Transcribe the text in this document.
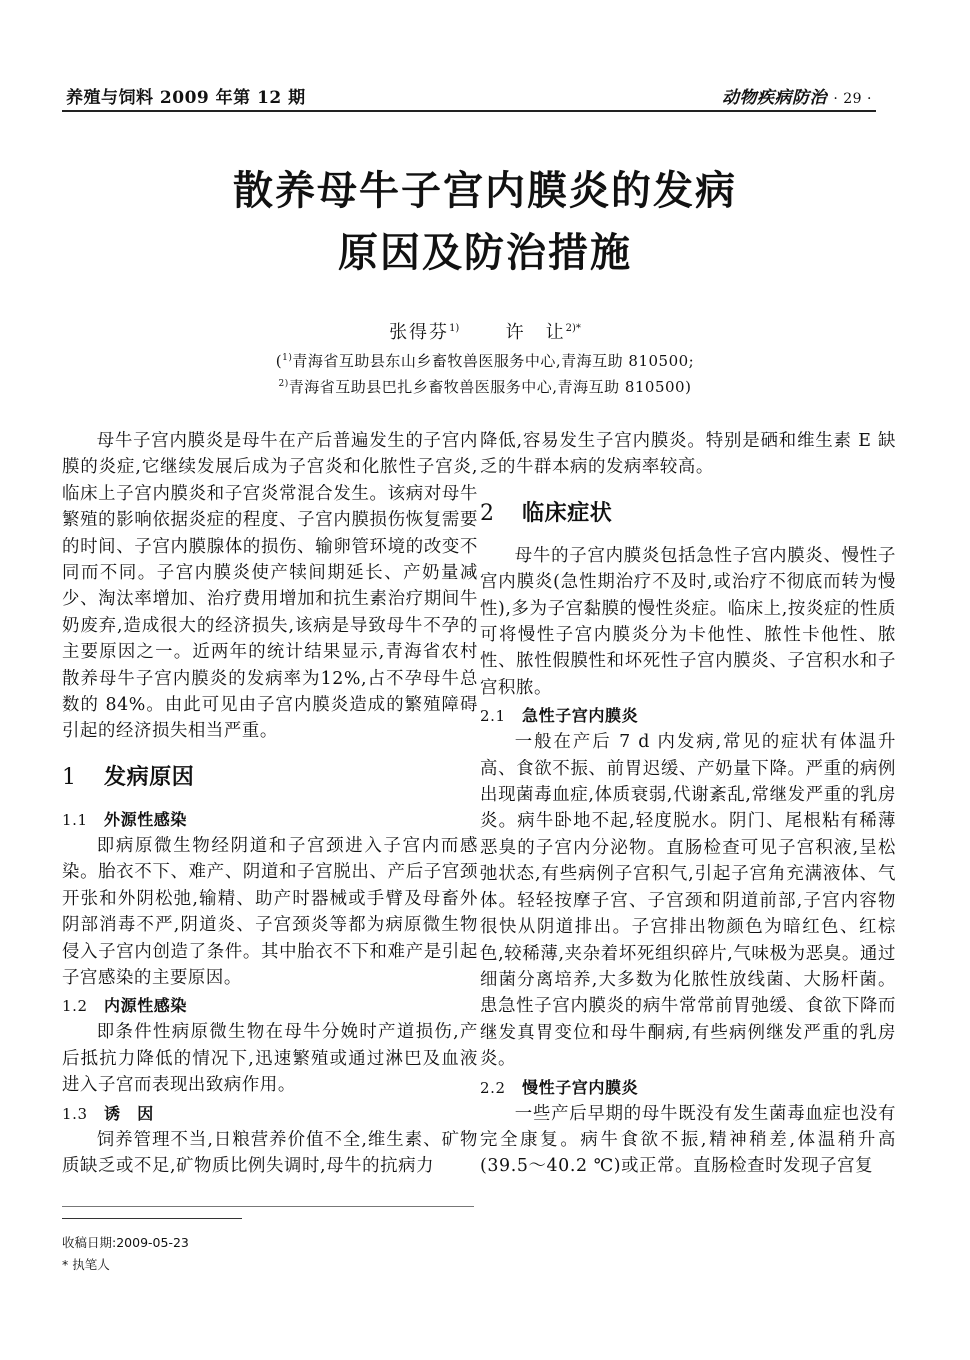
养殖与饲料 2009 年第 12 期	动物疾病防治 · 29 ·
散养母牛子宫内膜炎的发病
原因及防治措施
张得芬$^{1)}$	许　让$^{2)*}$
($^{1)}$青海省互助县东山乡畜牧兽医服务中心,青海互助 810500;
$^{2)}$青海省互助县巴扎乡畜牧兽医服务中心,青海互助 810500)

母牛子宫内膜炎是母牛在产后普遍发生的子宫内膜的炎症,它继续发展后成为子宫炎和化脓性子宫炎,临床上子宫内膜炎和子宫炎常混合发生。该病对母牛繁殖的影响依据炎症的程度、子宫内膜损伤恢复需要的时间、子宫内膜腺体的损伤、输卵管环境的改变不同而不同。子宫内膜炎使产犊间期延长、产奶量减少、淘汰率增加、治疗费用增加和抗生素治疗期间牛奶废弃,造成很大的经济损失,该病是导致母牛不孕的主要原因之一。近两年的统计结果显示,青海省农村散养母牛子宫内膜炎的发病率为12%,占不孕母牛总数的 84%。由此可见由子宫内膜炎造成的繁殖障碍引起的经济损失相当严重。

1 发病原因
1.1 外源性感染

即病原微生物经阴道和子宫颈进入子宫内而感染。胎衣不下、难产、阴道和子宫脱出、产后子宫颈开张和外阴松弛,输精、助产时器械或手臂及母畜外阴部消毒不严,阴道炎、子宫颈炎等都为病原微生物侵入子宫内创造了条件。其中胎衣不下和难产是引起子宫感染的主要原因。

1.2 内源性感染

即条件性病原微生物在母牛分娩时产道损伤,产后抵抗力降低的情况下,迅速繁殖或通过淋巴及血液进入子宫而表现出致病作用。

1.3 诱　因

饲养管理不当,日粮营养价值不全,维生素、矿物质缺乏或不足,矿物质比例失调时,母牛的抗病力

降低,容易发生子宫内膜炎。特别是硒和维生素 E 缺乏的牛群本病的发病率较高。

2 临床症状

母牛的子宫内膜炎包括急性子宫内膜炎、慢性子宫内膜炎(急性期治疗不及时,或治疗不彻底而转为慢性),多为子宫黏膜的慢性炎症。临床上,按炎症的性质可将慢性子宫内膜炎分为卡他性、脓性卡他性、脓性、脓性假膜性和坏死性子宫内膜炎、子宫积水和子宫积脓。

2.1 急性子宫内膜炎

一般在产后 7 d 内发病,常见的症状有体温升高、食欲不振、前胃迟缓、产奶量下降。严重的病例出现菌毒血症,体质衰弱,代谢紊乱,常继发严重的乳房炎。病牛卧地不起,轻度脱水。阴门、尾根粘有稀薄恶臭的子宫内分泌物。直肠检查可见子宫积液,呈松弛状态,有些病例子宫积气,引起子宫角充满液体、气体。轻轻按摩子宫、子宫颈和阴道前部,子宫内容物很快从阴道排出。子宫排出物颜色为暗红色、红棕色,较稀薄,夹杂着坏死组织碎片,气味极为恶臭。通过细菌分离培养,大多数为化脓性放线菌、大肠杆菌。患急性子宫内膜炎的病牛常常前胃弛缓、食欲下降而继发真胃变位和母牛酮病,有些病例继发严重的乳房炎。

2.2 慢性子宫内膜炎

一些产后早期的母牛既没有发生菌毒血症也没有完全康复。病牛食欲不振,精神稍差,体温稍升高(39.5～40.2 ℃)或正常。直肠检查时发现子宫复

收稿日期:2009-05-23
* 执笔人
